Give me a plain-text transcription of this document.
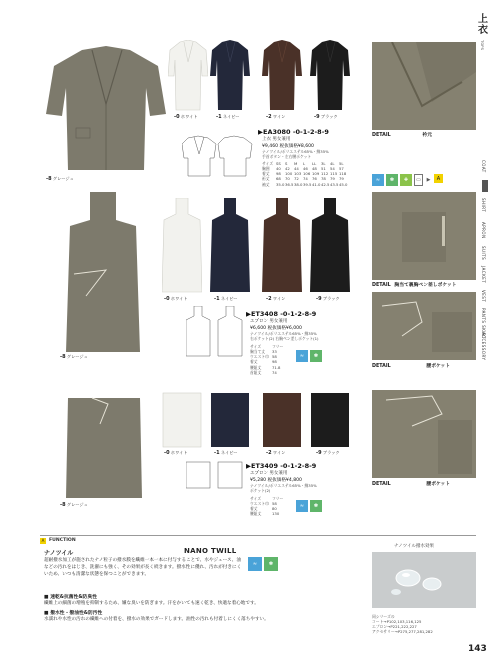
上衣
TOPS
COAT
SHIRT
APRON
SUITS
JACKET
VEST
PANTS SKIRT
ACCESSORY
-8 グレージュ
-0 ホワイト	-1 ネイビー	-2 ワイン	-9 ブラック
▶EA3080 -0-1-2-8-9
上衣 男女兼用
¥9,460 税抜価格¥8,600
ナノツイル/ポリエステル65%・綿35%
手首ボタン・左右腰ポケット
サイズ SS S M L LL 3L 4L 5L
胸囲 40 42 44 46 48 51 54 57
着丈 98 100 103 106 109 112 115 118
裄丈 68 70 72 74 76 78 79 79
袖丈 35.036.538.039.541.042.543.545.0
≈	✽	✚	▭	▶	A
DETAIL	衿元
-8 グレージュ
-0 ホワイト	-1 ネイビー	-2 ワイン	-9 ブラック
▶ET3408 -0-1-2-8-9
エプロン 男女兼用
¥6,600 税抜価格¥6,000
ナノツイル/ポリエステル65%・綿35%
右ポケット(2) 右胸ペン差しポケット(1)
サイズ	フリー
胸当て丈 33
ウエスト巾 58
着丈	98
腰紐丈	71.8
首紐丈	74
≈	✽
DETAIL 胸当て裏胸ペン差しポケット
DETAIL	腰ポケット
-8 グレージュ
-0 ホワイト	-1 ネイビー	-2 ワイン	-9 ブラック
▶ET3409 -0-1-2-8-9
エプロン 男女兼用
¥5,280 税抜価格¥4,800
ナノツイル/ポリエステル65%・綿35%
ポケット(2)
サイズ	フリー
ウエスト巾 58
着丈	80
腰紐丈	130
≈	✽
DETAIL	腰ポケット
A	FUNCTION
ナノツイル	NANO TWILL
≈	✽
超耐撥水加工が施されたナノ粒子の撥水膜を繊維一本一本に付与することで、水やジュース、油などの汚れをはじき、洗濯にも強く、その効果が長く続きます。撥水性に優れ、汚れが付きにくいため、いつも清潔な状態を保つことができます。
■ 速乾&抗菌性&防臭性
繊維上の細菌の増殖を抑制するため、嫌な臭いを防ぎます。汗をかいても速く乾き、快適な着心地です。
■ 撥水性・撥油性&防汚性
水濡れや水性の汚れの繊維への付着を、撥水の効果でガードします。油性の汚れも付着しにくく落ちやすい。
ナノツイル撥水効果
同シリーズの
コート→P102,103,116,125
エプロン→P221,222,227
アクセサリー→P275,277,281,282
143
